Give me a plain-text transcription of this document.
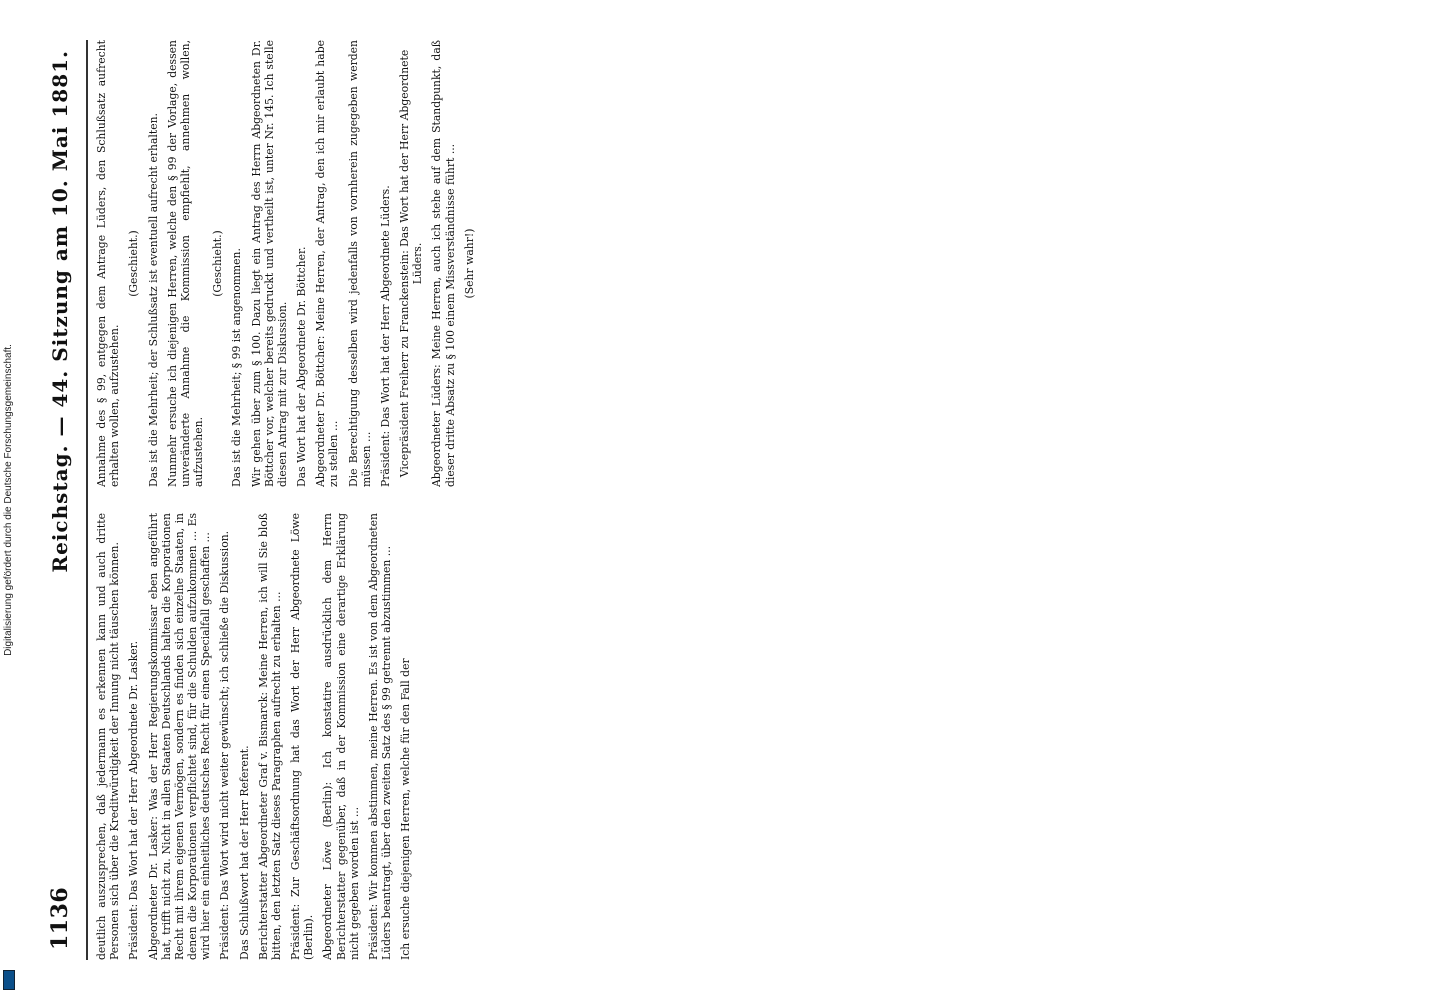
1136
Reichstag. — 44. Sitzung am 10. Mai 1881.

deutlich auszusprechen, daß jedermann es erkennen kann und auch dritte Personen sich über die Kreditwürdigkeit der Innung nicht täuschen können. Präsident: Das Wort hat der Herr Abgeordnete Dr. Lasker. Abgeordneter Dr. Lasker: Was der Herr Regierungskommissar eben angeführt hat, trifft nicht zu. Nicht in allen Staaten Deutschlands halten die Korporationen Recht mit ihrem eigenen Vermögen, sondern es finden sich einzelne Staaten, in denen die Korporationen verpflichtet sind, für die Schulden aufzukommen ... Es wird hier ein einheitliches deutsches Recht für einen Specialfall geschaffen ... Präsident: Das Wort wird nicht weiter gewünscht; ich schließe die Diskussion. Das Schlußwort hat der Herr Referent. Berichterstatter Abgeordneter Graf v. Bismarck: Meine Herren, ich will Sie bloß bitten, den letzten Satz dieses Paragraphen aufrecht zu erhalten ... Präsident: Zur Geschäftsordnung hat das Wort der Herr Abgeordnete Löwe (Berlin). Abgeordneter Löwe (Berlin): Ich konstatire ausdrücklich dem Herrn Berichterstatter gegenüber, daß in der Kommission eine derartige Erklärung nicht gegeben worden ist ... Präsident: Wir kommen abstimmen, meine Herren. Es ist von dem Abgeordneten Lüders beantragt, über den zweiten Satz des § 99 getrennt abzustimmen ... Ich ersuche diejenigen Herren, welche für den Fall der

Annahme des § 99, entgegen dem Antrage Lüders, den Schlußsatz aufrecht erhalten wollen, aufzustehen.

(Geschieht.) Das ist die Mehrheit; der Schlußsatz ist eventuell aufrecht erhalten. Nunmehr ersuche ich diejenigen Herren, welche den § 99 der Vorlage, dessen unveränderte Annahme die Kommission empfiehlt, annehmen wollen, aufzustehen.

(Geschieht.) Das ist die Mehrheit; § 99 ist angenommen. Wir gehen über zum § 100. Dazu liegt ein Antrag des Herrn Abgeordneten Dr. Böttcher vor, welcher bereits gedruckt und vertheilt ist, unter Nr. 145. Ich stelle diesen Antrag mit zur Diskussion. Das Wort hat der Abgeordnete Dr. Böttcher. Abgeordneter Dr. Böttcher: Meine Herren, der Antrag, den ich mir erlaubt habe zu stellen ... Die Berechtigung desselben wird jedenfalls von vornherein zugegeben werden müssen ... Präsident: Das Wort hat der Herr Abgeordnete Lüders. Vicepräsident Freiherr zu Franckenstein: Das Wort hat der Herr Abgeordnete Lüders. Abgeordneter Lüders: Meine Herren, auch ich stehe auf dem Standpunkt, daß dieser dritte Absatz zu § 100 einem Missverständnisse führt ... (Sehr wahr!)

Digitalisierung gefördert durch die Deutsche Forschungsgemeinschaft.
